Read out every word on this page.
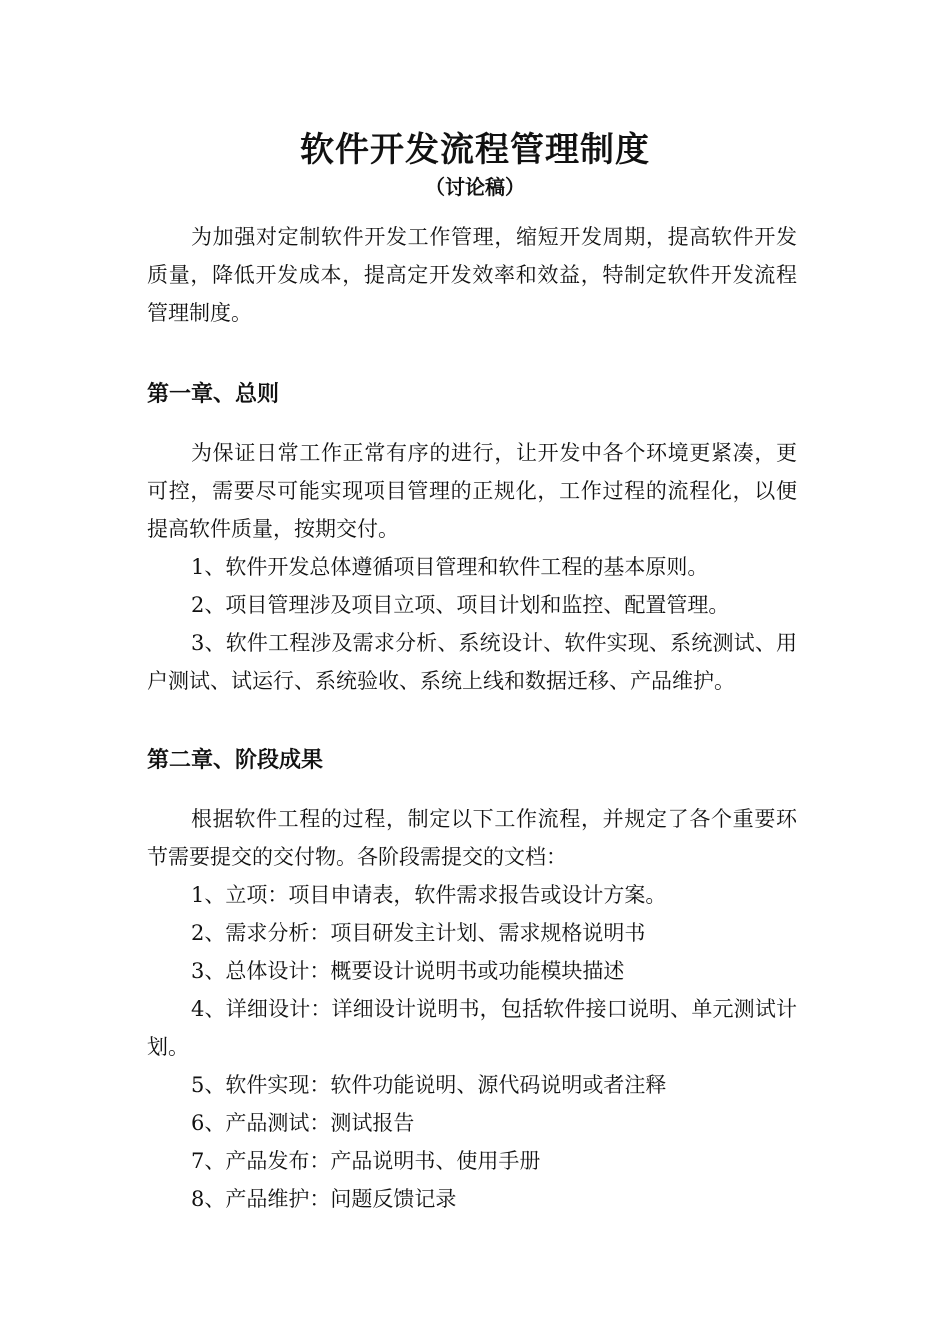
软件开发流程管理制度
（讨论稿）

为加强对定制软件开发工作管理，缩短开发周期，提高软件开发质量，降低开发成本，提高定开发效率和效益，特制定软件开发流程管理制度。

第一章、总则

为保证日常工作正常有序的进行，让开发中各个环境更紧凑，更可控，需要尽可能实现项目管理的正规化，工作过程的流程化，以便提高软件质量，按期交付。

1、软件开发总体遵循项目管理和软件工程的基本原则。

2、项目管理涉及项目立项、项目计划和监控、配置管理。

3、软件工程涉及需求分析、系统设计、软件实现、系统测试、用户测试、试运行、系统验收、系统上线和数据迁移、产品维护。

第二章、阶段成果

根据软件工程的过程，制定以下工作流程，并规定了各个重要环节需要提交的交付物。各阶段需提交的文档：

1、立项：项目申请表，软件需求报告或设计方案。

2、需求分析：项目研发主计划、需求规格说明书

3、总体设计：概要设计说明书或功能模块描述

4、详细设计：详细设计说明书，包括软件接口说明、单元测试计划。

5、软件实现：软件功能说明、源代码说明或者注释

6、产品测试：测试报告

7、产品发布：产品说明书、使用手册

8、产品维护：问题反馈记录
